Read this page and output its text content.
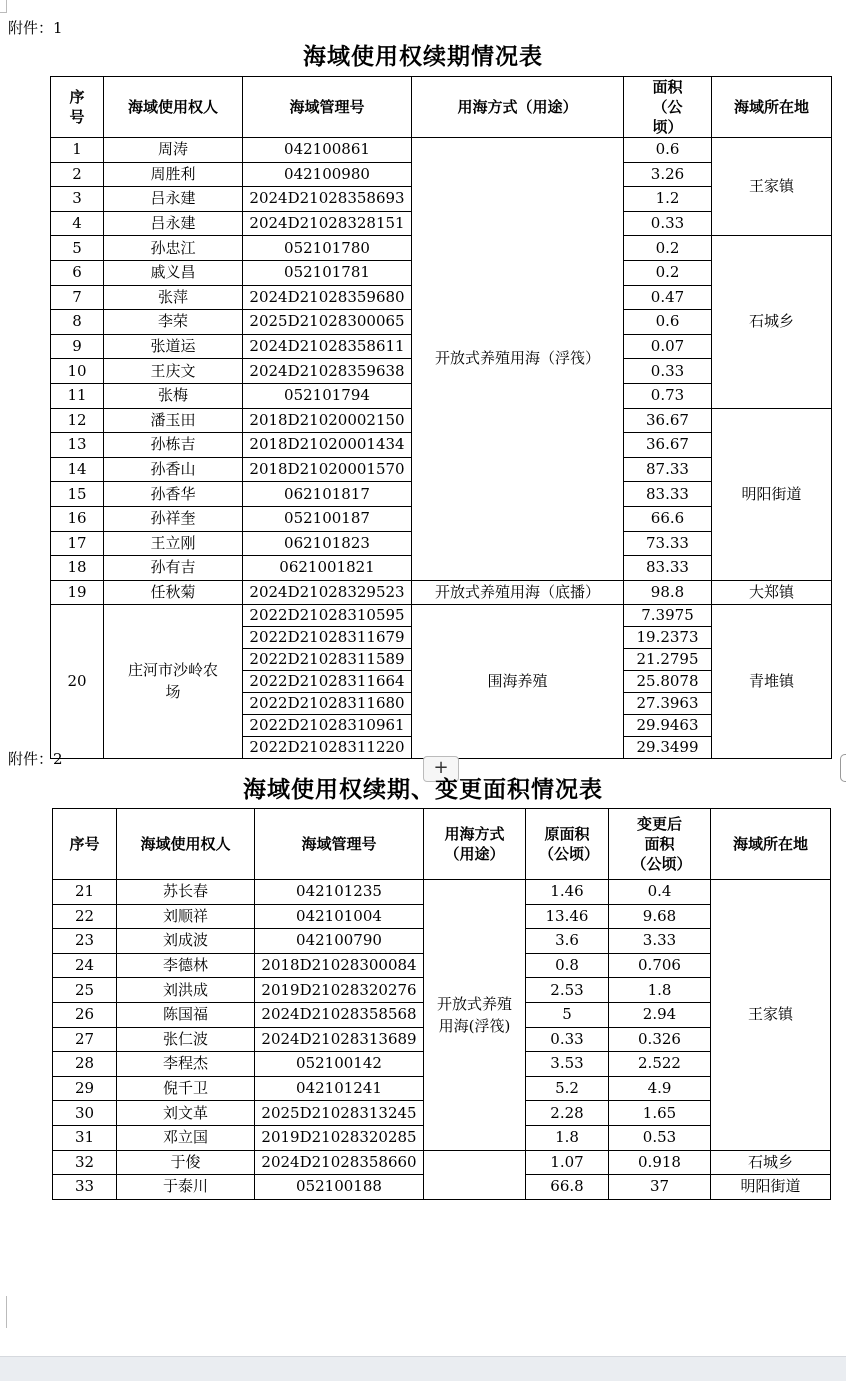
附件：1
海域使用权续期情况表
序号	海域使用权人	海域管理号	用海方式（用途）	面积（公顷）	海域所在地
1	周涛	042100861	开放式养殖用海（浮筏）	0.6	王家镇
2	周胜利	042100980		3.26	
3	吕永建	2024D21028358693		1.2	
4	吕永建	2024D21028328151		0.33	
5	孙忠江	052101780		0.2	石城乡
6	戚义昌	052101781		0.2	
7	张萍	2024D21028359680		0.47	
8	李荣	2025D21028300065		0.6	
9	张道运	2024D21028358611		0.07	
10	王庆文	2024D21028359638		0.33	
11	张梅	052101794		0.73	
12	潘玉田	2018D21020002150		36.67	明阳街道
13	孙栋吉	2018D21020001434		36.67	
14	孙香山	2018D21020001570		87.33	
15	孙香华	062101817		83.33	
16	孙祥奎	052100187		66.6	
17	王立刚	062101823		73.33	
18	孙有吉	0621001821		83.33	
19	任秋菊	2024D21028329523	开放式养殖用海（底播）	98.8	大郑镇
20	庄河市沙岭农场	2022D21028310595	围海养殖	7.3975	青堆镇
		2022D21028311679		19.2373	
		2022D21028311589		21.2795	
		2022D21028311664		25.8078	
		2022D21028311680		27.3963	
		2022D21028310961		29.9463	
		2022D21028311220		29.3499	
附件：2	+
海域使用权续期、变更面积情况表
序号	海域使用权人	海域管理号	用海方式（用途）	原面积（公顷）	变更后面积（公顷）	海域所在地
21	苏长春	042101235	开放式养殖用海(浮筏)	1.46	0.4	王家镇
22	刘顺祥	042101004		13.46	9.68	
23	刘成波	042100790		3.6	3.33	
24	李德林	2018D21028300084		0.8	0.706	
25	刘洪成	2019D21028320276		2.53	1.8	
26	陈国福	2024D21028358568		5	2.94	
27	张仁波	2024D21028313689		0.33	0.326	
28	李程杰	052100142		3.53	2.522	
29	倪千卫	042101241		5.2	4.9	
30	刘文革	2025D21028313245		2.28	1.65	
31	邓立国	2019D21028320285		1.8	0.53	
32	于俊	2024D21028358660		1.07	0.918	石城乡
33	于泰川	052100188		66.8	37	明阳街道
